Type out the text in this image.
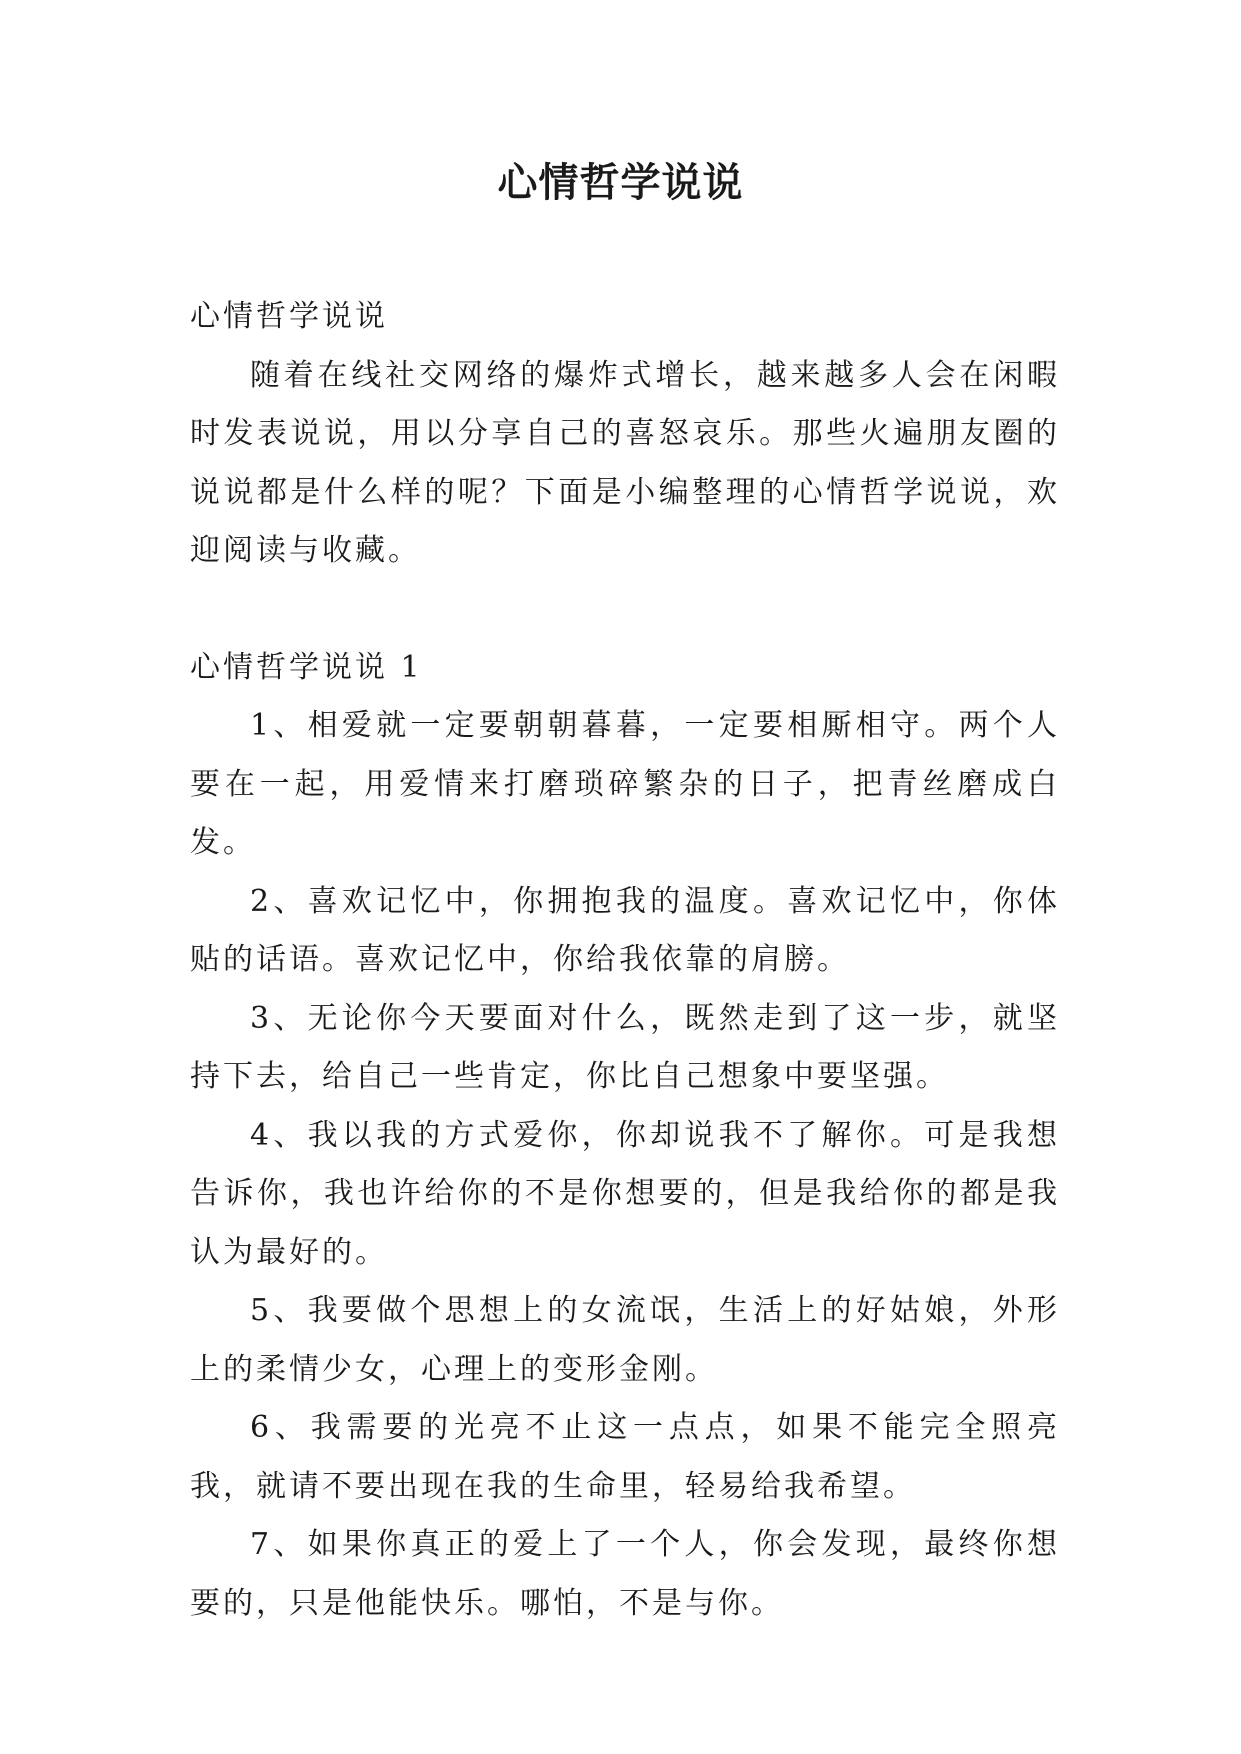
心情哲学说说

心情哲学说说

随着在线社交网络的爆炸式增长，越来越多人会在闲暇时发表说说，用以分享自己的喜怒哀乐。那些火遍朋友圈的说说都是什么样的呢？下面是小编整理的心情哲学说说，欢迎阅读与收藏。

心情哲学说说 1

1、相爱就一定要朝朝暮暮，一定要相厮相守。两个人要在一起，用爱情来打磨琐碎繁杂的日子，把青丝磨成白发。

2、喜欢记忆中，你拥抱我的温度。喜欢记忆中，你体贴的话语。喜欢记忆中，你给我依靠的肩膀。

3、无论你今天要面对什么，既然走到了这一步，就坚持下去，给自己一些肯定，你比自己想象中要坚强。

4、我以我的方式爱你，你却说我不了解你。可是我想告诉你，我也许给你的不是你想要的，但是我给你的都是我认为最好的。

5、我要做个思想上的女流氓，生活上的好姑娘，外形上的柔情少女，心理上的变形金刚。

6、我需要的光亮不止这一点点，如果不能完全照亮我，就请不要出现在我的生命里，轻易给我希望。

7、如果你真正的爱上了一个人，你会发现，最终你想要的，只是他能快乐。哪怕，不是与你。
